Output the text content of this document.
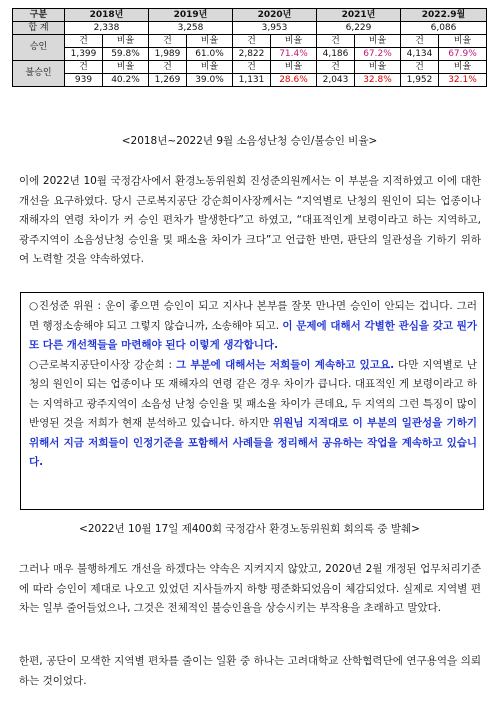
구분	2018년		2019년		2020년		2021년		2022.9월	
합 계	2,338		3,258		3,953		6,229		6,086	
승인	건	비율	건	비율	건	비율	건	비율	건	비율
	1,399	59.8%	1,989	61.0%	2,822	71.4%	4,186	67.2%	4,134	67.9%
불승인	건	비율	건	비율	건	비율	건	비율	건	비율
	939	40.2%	1,269	39.0%	1,131	28.6%	2,043	32.8%	1,952	32.1%
<2018년~2022년 9월 소음성난청 승인/불승인 비율>
이에 2022년 10월 국정감사에서 환경노동위원회 진성준의원께서는 이 부분을 지적하였고 이에 대한 개선을 요구하였다. 당시 근로복지공단 강순희이사장께서는 “지역별로 난청의 원인이 되는 업종이나 재해자의 연령 차이가 커 승인 편차가 발생한다”고 하였고, “대표적인게 보령이라고 하는 지역하고, 광주지역이 소음성난청 승인율 및 패소율 차이가 크다”고 언급한 반면, 판단의 일관성을 기하기 위하여 노력할 것을 약속하였다.

○진성준 위원 : 운이 좋으면 승인이 되고 지사나 본부를 잘못 만나면 승인이 안되는 겁니다. 그러면 행정소송해야 되고 그렇지 않습니까, 소송해야 되고. 이 문제에 대해서 각별한 관심을 갖고 뭔가 또 다른 개선책들을 마련해야 된다 이렇게 생각합니다.

○근로복지공단이사장 강순희 : 그 부분에 대해서는 저희들이 계속하고 있고요. 다만 지역별로 난청의 원인이 되는 업종이나 또 재해자의 연령 같은 경우 차이가 큽니다. 대표적인 게 보령이라고 하는 지역하고 광주지역이 소음성 난청 승인율 및 패소율 차이가 큰데요, 두 지역의 그런 특징이 많이 반영된 것을 저희가 현재 분석하고 있습니다. 하지만 위원님 지적대로 이 부분의 일관성을 기하기 위해서 지금 저희들이 인정기준을 포함해서 사례들을 정리해서 공유하는 작업을 계속하고 있습니다.

<2022년 10월 17일 제400회 국정감사 환경노동위원회 회의록 중 발췌>
그러나 매우 불행하게도 개선을 하겠다는 약속은 지켜지지 않았고, 2020년 2월 개정된 업무처리기준에 따라 승인이 제대로 나오고 있었던 지사들까지 하향 평준화되었음이 체감되었다. 실제로 지역별 편차는 일부 줄어들었으나, 그것은 전체적인 불승인율을 상승시키는 부작용을 초래하고 말았다.
한편, 공단이 모색한 지역별 편차를 줄이는 일환 중 하나는 고려대학교 산학협력단에 연구용역을 의뢰하는 것이었다.
